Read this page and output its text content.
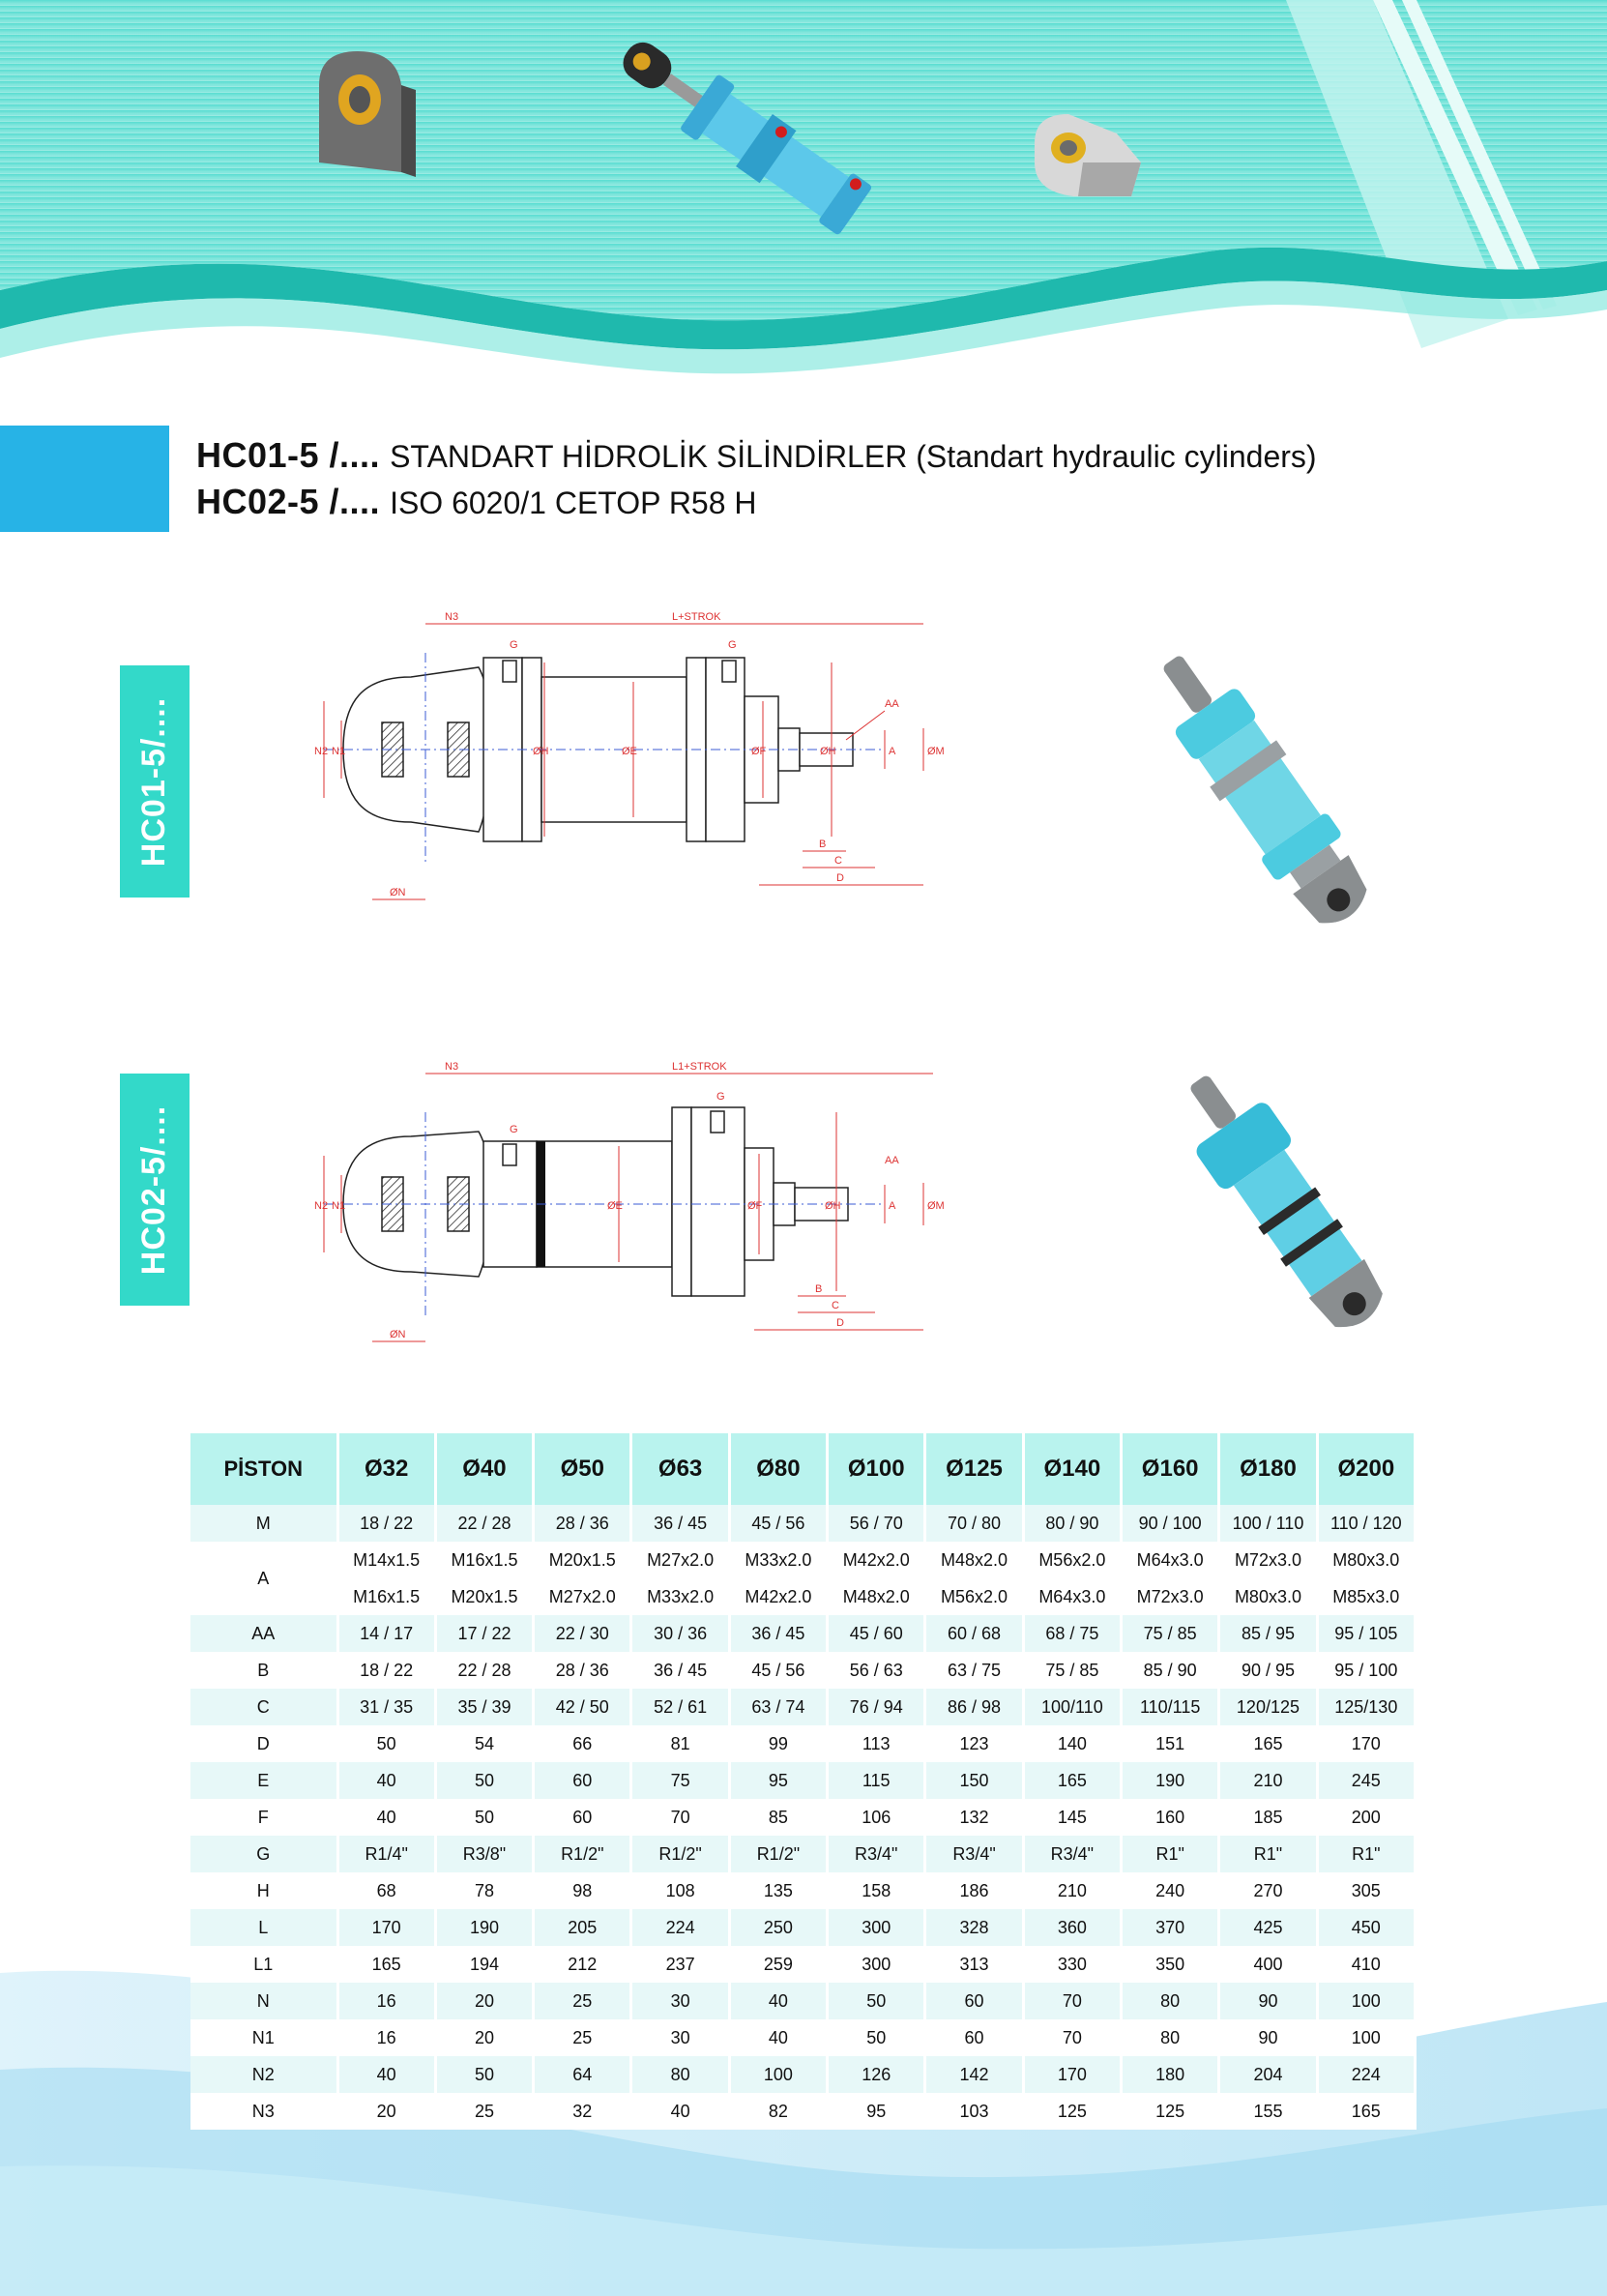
HC01-5 /.... STANDART HİDROLİK SİLİNDİRLER (Standart hydraulic cylinders)
HC02-5 /.... ISO 6020/1 CETOP R58 H
HC01-5/....
HC02-5/....
N3	L+STROK
G	G
AA
N2 N1	ØH	ØE	ØH
ØF	A	ØM
B
C
D
ØN
N3	L1+STROK
G
G
AA
N2 N1	ØE	ØH
ØF	A	ØM
B
C
D
ØN
PİSTON	Ø32	Ø40	Ø50	Ø63	Ø80	Ø100	Ø125	Ø140	Ø160	Ø180	Ø200
M	18 / 22	22 / 28	28 / 36	36 / 45	45 / 56	56 / 70	70 / 80	80 / 90	90 / 100	100 / 110	110 / 120
A	M14x1.5	M16x1.5	M20x1.5	M27x2.0	M33x2.0	M42x2.0	M48x2.0	M56x2.0	M64x3.0	M72x3.0	M80x3.0
	M16x1.5	M20x1.5	M27x2.0	M33x2.0	M42x2.0	M48x2.0	M56x2.0	M64x3.0	M72x3.0	M80x3.0	M85x3.0
AA	14 / 17	17 / 22	22 / 30	30 / 36	36 / 45	45 / 60	60 / 68	68 / 75	75 / 85	85 / 95	95 / 105
B	18 / 22	22 / 28	28 / 36	36 / 45	45 / 56	56 / 63	63 / 75	75 / 85	85 / 90	90 / 95	95 / 100
C	31 / 35	35 / 39	42 / 50	52 / 61	63 / 74	76 / 94	86 / 98	100/110	110/115	120/125	125/130
D	50	54	66	81	99	113	123	140	151	165	170
E	40	50	60	75	95	115	150	165	190	210	245
F	40	50	60	70	85	106	132	145	160	185	200
G	R1/4"	R3/8"	R1/2"	R1/2"	R1/2"	R3/4"	R3/4"	R3/4"	R1"	R1"	R1"
H	68	78	98	108	135	158	186	210	240	270	305
L	170	190	205	224	250	300	328	360	370	425	450
L1	165	194	212	237	259	300	313	330	350	400	410
N	16	20	25	30	40	50	60	70	80	90	100
N1	16	20	25	30	40	50	60	70	80	90	100
N2	40	50	64	80	100	126	142	170	180	204	224
N3	20	25	32	40	82	95	103	125	125	155	165
